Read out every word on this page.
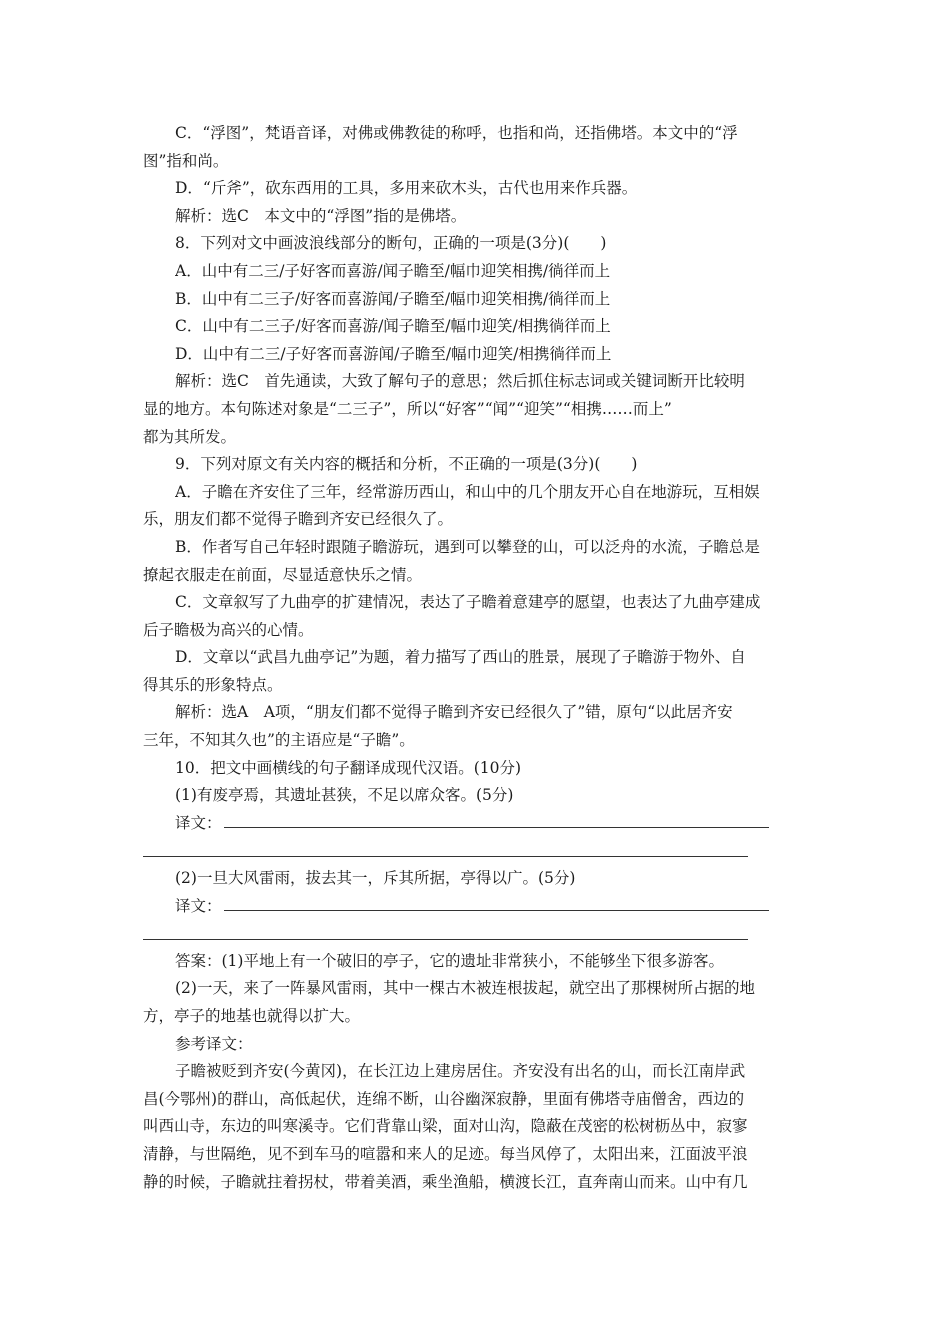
C．“浮图”，梵语音译，对佛或佛教徒的称呼，也指和尚，还指佛塔。本文中的“浮
图”指和尚。
D．“斤斧”，砍东西用的工具，多用来砍木头，古代也用来作兵器。
解析：选C　本文中的“浮图”指的是佛塔。
8．下列对文中画波浪线部分的断句，正确的一项是(3分)(　　)
A．山中有二三/子好客而喜游/闻子瞻至/幅巾迎笑相携/徜徉而上
B．山中有二三子/好客而喜游闻/子瞻至/幅巾迎笑相携/徜徉而上
C．山中有二三子/好客而喜游/闻子瞻至/幅巾迎笑/相携徜徉而上
D．山中有二三/子好客而喜游闻/子瞻至/幅巾迎笑/相携徜徉而上
解析：选C　首先通读，大致了解句子的意思；然后抓住标志词或关键词断开比较明
显的地方。本句陈述对象是“二三子”，所以“好客”“闻”“迎笑”“相携……而上”
都为其所发。
9．下列对原文有关内容的概括和分析，不正确的一项是(3分)(　　)
A．子瞻在齐安住了三年，经常游历西山，和山中的几个朋友开心自在地游玩，互相娱
乐，朋友们都不觉得子瞻到齐安已经很久了。
B．作者写自己年轻时跟随子瞻游玩，遇到可以攀登的山，可以泛舟的水流，子瞻总是
撩起衣服走在前面，尽显适意快乐之情。
C．文章叙写了九曲亭的扩建情况，表达了子瞻着意建亭的愿望，也表达了九曲亭建成
后子瞻极为高兴的心情。
D．文章以“武昌九曲亭记”为题，着力描写了西山的胜景，展现了子瞻游于物外、自
得其乐的形象特点。
解析：选A　A项，“朋友们都不觉得子瞻到齐安已经很久了”错，原句“以此居齐安
三年，不知其久也”的主语应是“子瞻”。
10．把文中画横线的句子翻译成现代汉语。(10分)
(1)有废亭焉，其遗址甚狭，不足以席众客。(5分)
译文：
(2)一旦大风雷雨，拔去其一，斥其所据，亭得以广。(5分)
译文：
答案：(1)平地上有一个破旧的亭子，它的遗址非常狭小，不能够坐下很多游客。
(2)一天，来了一阵暴风雷雨，其中一棵古木被连根拔起，就空出了那棵树所占据的地
方，亭子的地基也就得以扩大。
参考译文：
子瞻被贬到齐安(今黄冈)，在长江边上建房居住。齐安没有出名的山，而长江南岸武
昌(今鄂州)的群山，高低起伏，连绵不断，山谷幽深寂静，里面有佛塔寺庙僧舍，西边的
叫西山寺，东边的叫寒溪寺。它们背靠山梁，面对山沟，隐蔽在茂密的松树枥丛中，寂寥
清静，与世隔绝，见不到车马的喧嚣和来人的足迹。每当风停了，太阳出来，江面波平浪
静的时候，子瞻就拄着拐杖，带着美酒，乘坐渔船，横渡长江，直奔南山而来。山中有几
